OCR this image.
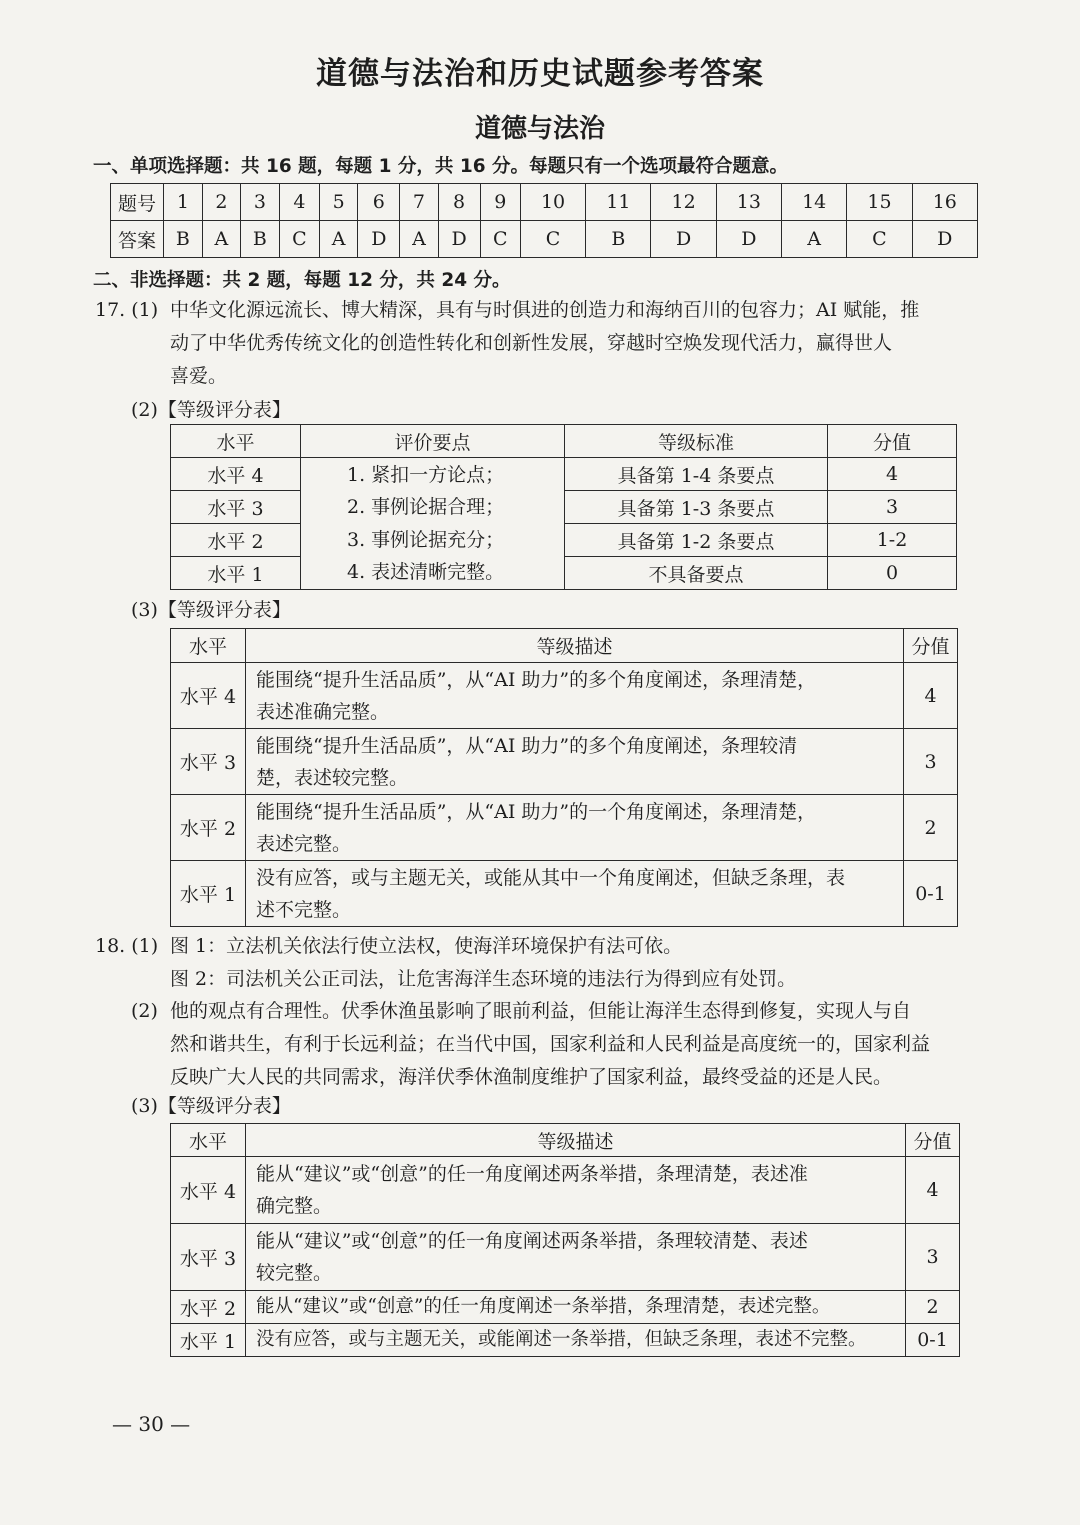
道德与法治和历史试题参考答案
道德与法治
一、单项选择题：共 16 题，每题 1 分，共 16 分。每题只有一个选项最符合题意。
题号	1	2	3	4	5	6	7	8	9	10	11	12	13	14	15	16
答案	B	A	B	C	A	D	A	D	C	C	B	D	D	A	C	D
二、非选择题：共 2 题，每题 12 分，共 24 分。
17. (1) 中华文化源远流长、博大精深，具有与时俱进的创造力和海纳百川的包容力；AI 赋能，推
动了中华优秀传统文化的创造性转化和创新性发展，穿越时空焕发现代活力，赢得世人
喜爱。
(2)【等级评分表】
水平	评价要点	等级标准	分值
水平 4	1. 紧扣一方论点；
2. 事例论据合理；
3. 事例论据充分；
4. 表述清晰完整。	具备第 1-4 条要点	4
水平 3		具备第 1-3 条要点	3
水平 2		具备第 1-2 条要点	1-2
水平 1		不具备要点	0
(3)【等级评分表】
水平	等级描述	分值
水平 4	能围绕“提升生活品质”，从“AI 助力”的多个角度阐述，条理清楚，
表述准确完整。	4
水平 3	能围绕“提升生活品质”，从“AI 助力”的多个角度阐述，条理较清
楚，表述较完整。	3
水平 2	能围绕“提升生活品质”，从“AI 助力”的一个角度阐述，条理清楚，
表述完整。	2
水平 1	没有应答，或与主题无关，或能从其中一个角度阐述，但缺乏条理，表
述不完整。	0-1
18. (1) 图 1：立法机关依法行使立法权，使海洋环境保护有法可依。
图 2：司法机关公正司法，让危害海洋生态环境的违法行为得到应有处罚。
(2) 他的观点有合理性。伏季休渔虽影响了眼前利益，但能让海洋生态得到修复，实现人与自
然和谐共生，有利于长远利益；在当代中国，国家利益和人民利益是高度统一的，国家利益
反映广大人民的共同需求，海洋伏季休渔制度维护了国家利益，最终受益的还是人民。
(3)【等级评分表】
水平	等级描述	分值
水平 4	能从“建议”或“创意”的任一角度阐述两条举措，条理清楚，表述准
确完整。	4
水平 3	能从“建议”或“创意”的任一角度阐述两条举措，条理较清楚、表述
较完整。	3
水平 2	能从“建议”或“创意”的任一角度阐述一条举措，条理清楚，表述完整。	2
水平 1	没有应答，或与主题无关，或能阐述一条举措，但缺乏条理，表述不完整。	0-1
— 30 —
